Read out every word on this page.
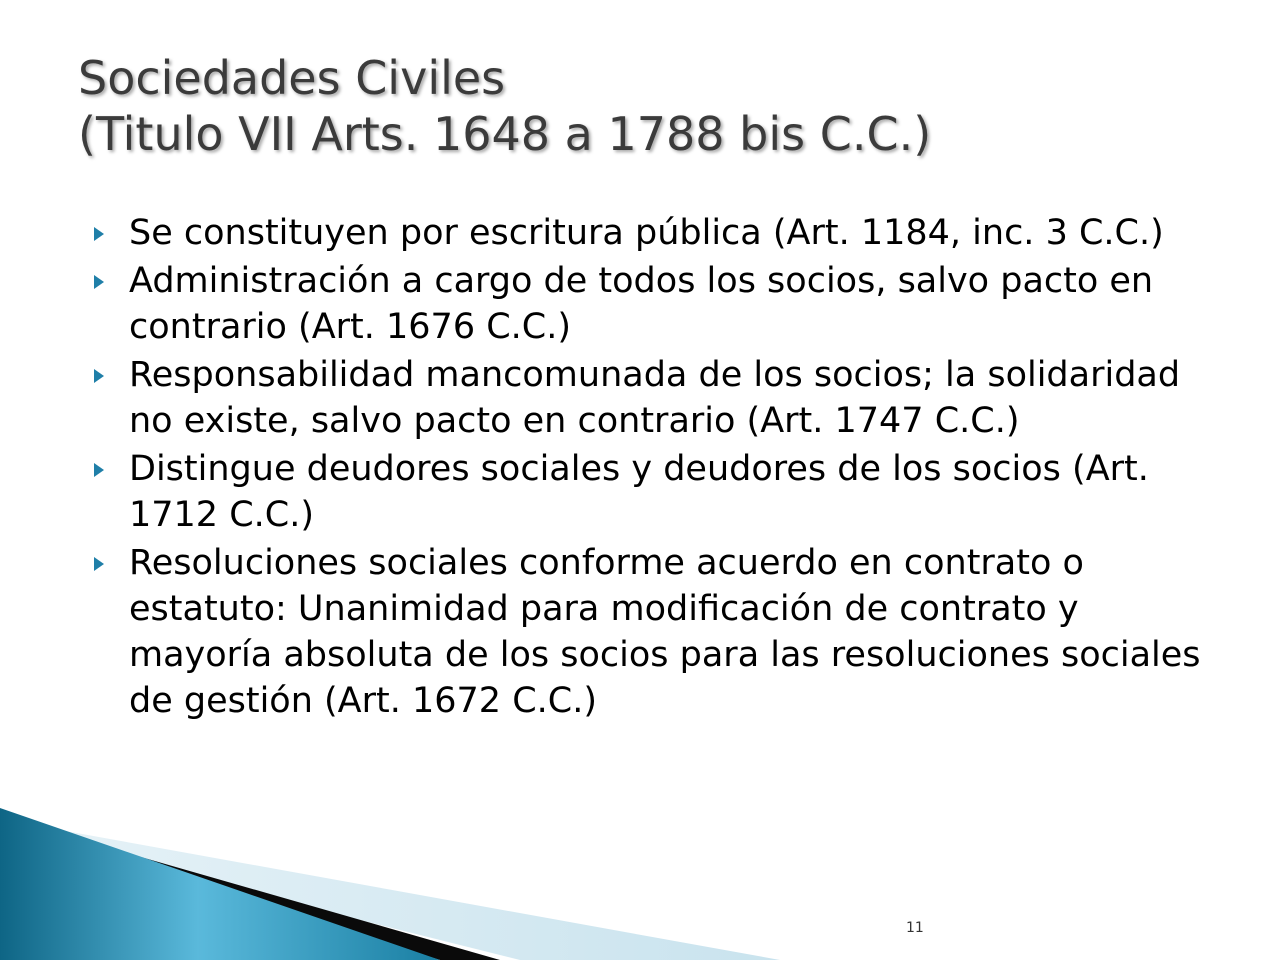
Sociedades Civiles
(Titulo VII Arts. 1648 a 1788 bis C.C.)
Se constituyen por escritura pública (Art. 1184, inc. 3 C.C.)
Administración a cargo de todos los socios, salvo pacto en contrario (Art. 1676 C.C.)
Responsabilidad mancomunada de los socios; la solidaridad no existe, salvo pacto en contrario (Art. 1747 C.C.)
Distingue deudores sociales y deudores de los socios (Art. 1712 C.C.)
Resoluciones sociales conforme acuerdo en contrato o estatuto: Unanimidad para modificación de contrato y mayoría absoluta de los socios para las resoluciones sociales de gestión (Art. 1672 C.C.)
11
